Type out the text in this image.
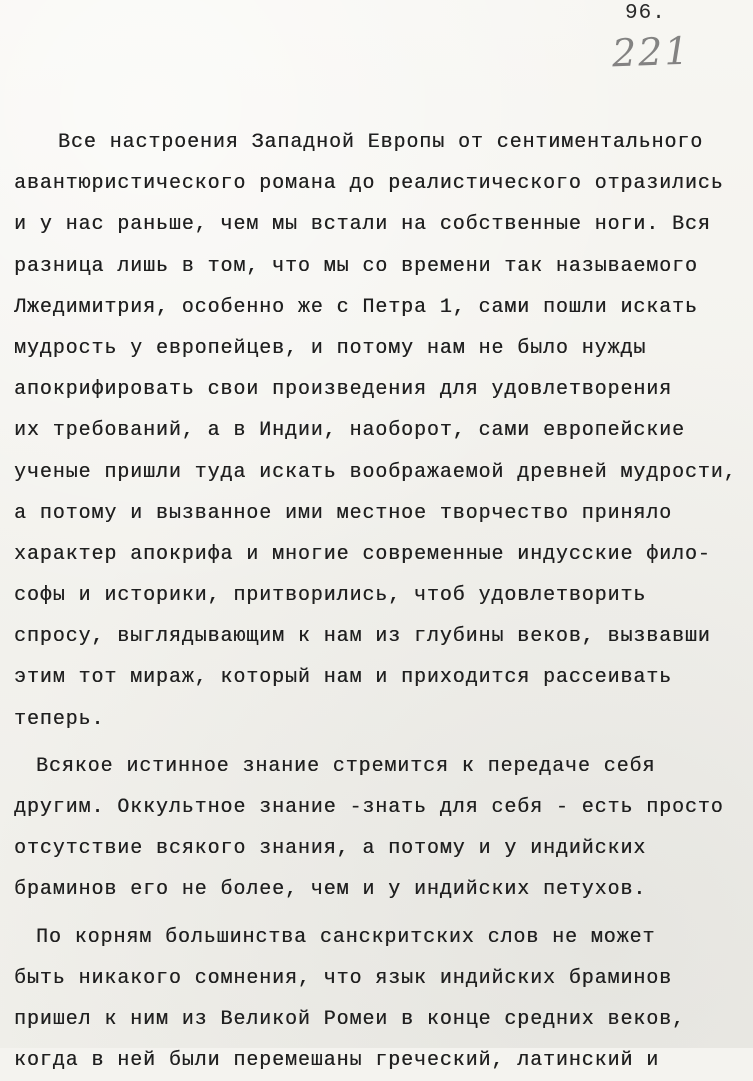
96.
221
Все настроения Западной Европы от сентиментального
авантюристического романа до реалистического отразились
и у нас раньше, чем мы встали на собственные ноги. Вся
разница лишь в том, что мы со времени так называемого
Лжедимитрия, особенно же с Петра 1, сами пошли искать
мудрость у европейцев, и потому нам не было нужды
апокрифировать свои произведения для удовлетворения
их требований, а в Индии, наоборот, сами европейские
ученые пришли туда искать воображаемой древней мудрости,
а потому и вызванное ими местное творчество приняло
характер апокрифа и многие современные индусские фило-
софы и историки, притворились, чтоб удовлетворить
спросу, выглядывающим к нам из глубины веков, вызвавши
этим тот мираж, который нам и приходится рассеивать
теперь.
Всякое истинное знание стремится к передаче себя
другим. Оккультное знание -знать для себя - есть просто
отсутствие всякого знания, а потому и у индийских
браминов его не более, чем и у индийских петухов.
По корням большинства санскритских слов не может
быть никакого сомнения, что язык индийских браминов
пришел к ним из Великой Ромеи в конце средних веков,
когда в ней были перемешаны греческий, латинский и
